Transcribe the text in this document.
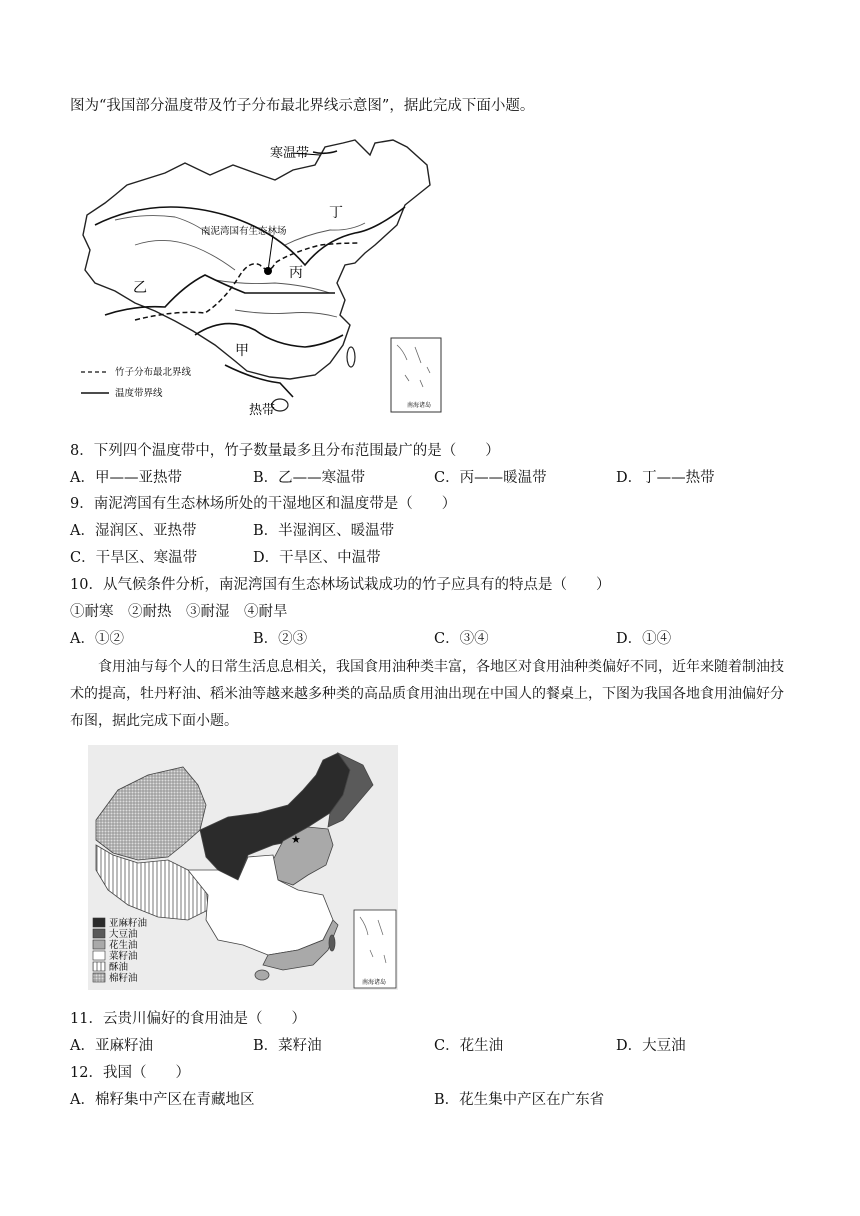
图为“我国部分温度带及竹子分布最北界线示意图”，据此完成下面小题。
寒温带
南泥湾国有生态林场
丁
丙
乙
甲
热带
竹子分布最北界线
温度带界线
南海诸岛
8．下列四个温度带中，竹子数量最多且分布范围最广的是（　　）
A．甲——亚热带	B．乙——寒温带	C．丙——暖温带	D．丁——热带
9．南泥湾国有生态林场所处的干湿地区和温度带是（　　）
A．湿润区、亚热带	B．半湿润区、暖温带
C．干旱区、寒温带	D．干旱区、中温带
10．从气候条件分析，南泥湾国有生态林场试栽成功的竹子应具有的特点是（　　）
①耐寒　②耐热　③耐湿　④耐旱
A．①②	B．②③	C．③④	D．①④
食用油与每个人的日常生活息息相关，我国食用油种类丰富，各地区对食用油种类偏好不同，近年来随着制油技术的提高，牡丹籽油、稻米油等越来越多种类的高品质食用油出现在中国人的餐桌上，下图为我国各地食用油偏好分布图，据此完成下面小题。
★
亚麻籽油
大豆油
花生油
菜籽油
酥油
棉籽油	南海诸岛
11．云贵川偏好的食用油是（　　）
A．亚麻籽油	B．菜籽油	C．花生油	D．大豆油
12．我国（　　）
A．棉籽集中产区在青藏地区	B．花生集中产区在广东省
